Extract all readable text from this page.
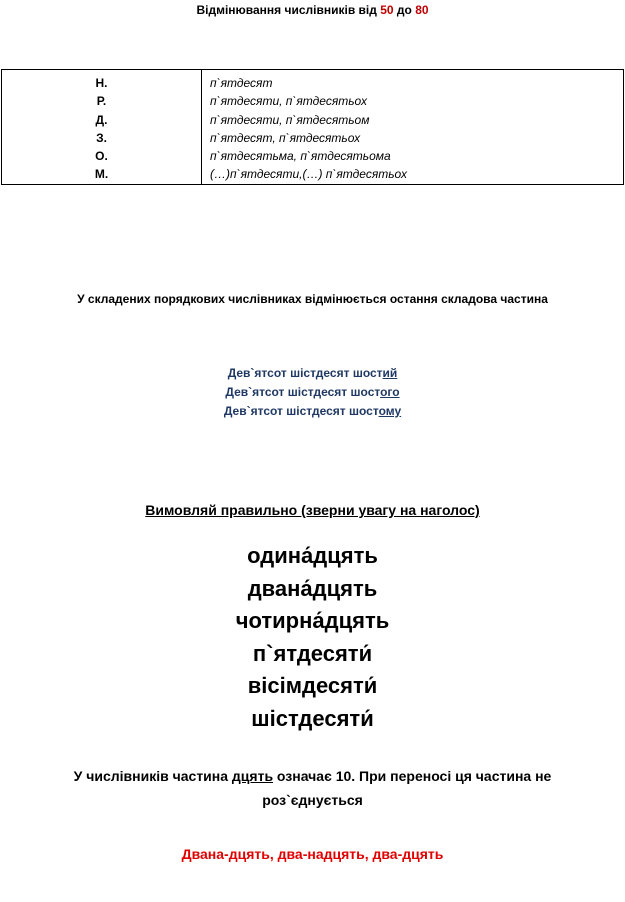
Відмінювання числівників від 50 до 80
Н.
Р.
Д.
З.
О.
М.
п`ятдесят
п`ятдесяти, п`ятдесятьох
п`ятдесяти, п`ятдесятьом
п`ятдесят, п`ятдесятьох
п`ятдесятьма, п`ятдесятьома
(…)п`ятдесяти,(…) п`ятдесятьох
У складених порядкових числівниках відмінюється остання складова частина
Дев`ятсот шістдесят шостий
Дев`ятсот шістдесят шостого
Дев`ятсот шістдесят шостому
Вимовляй правильно (зверни увагу на наголос)
одина́дцять
двана́дцять
чотирна́дцять
п`ятдесяти́
вісімдесяти́
шістдесяти́
У числівників частина дцять означає 10. При переносі ця частина не роз`єднується
Двана-дцять, два-надцять, два-дцять
